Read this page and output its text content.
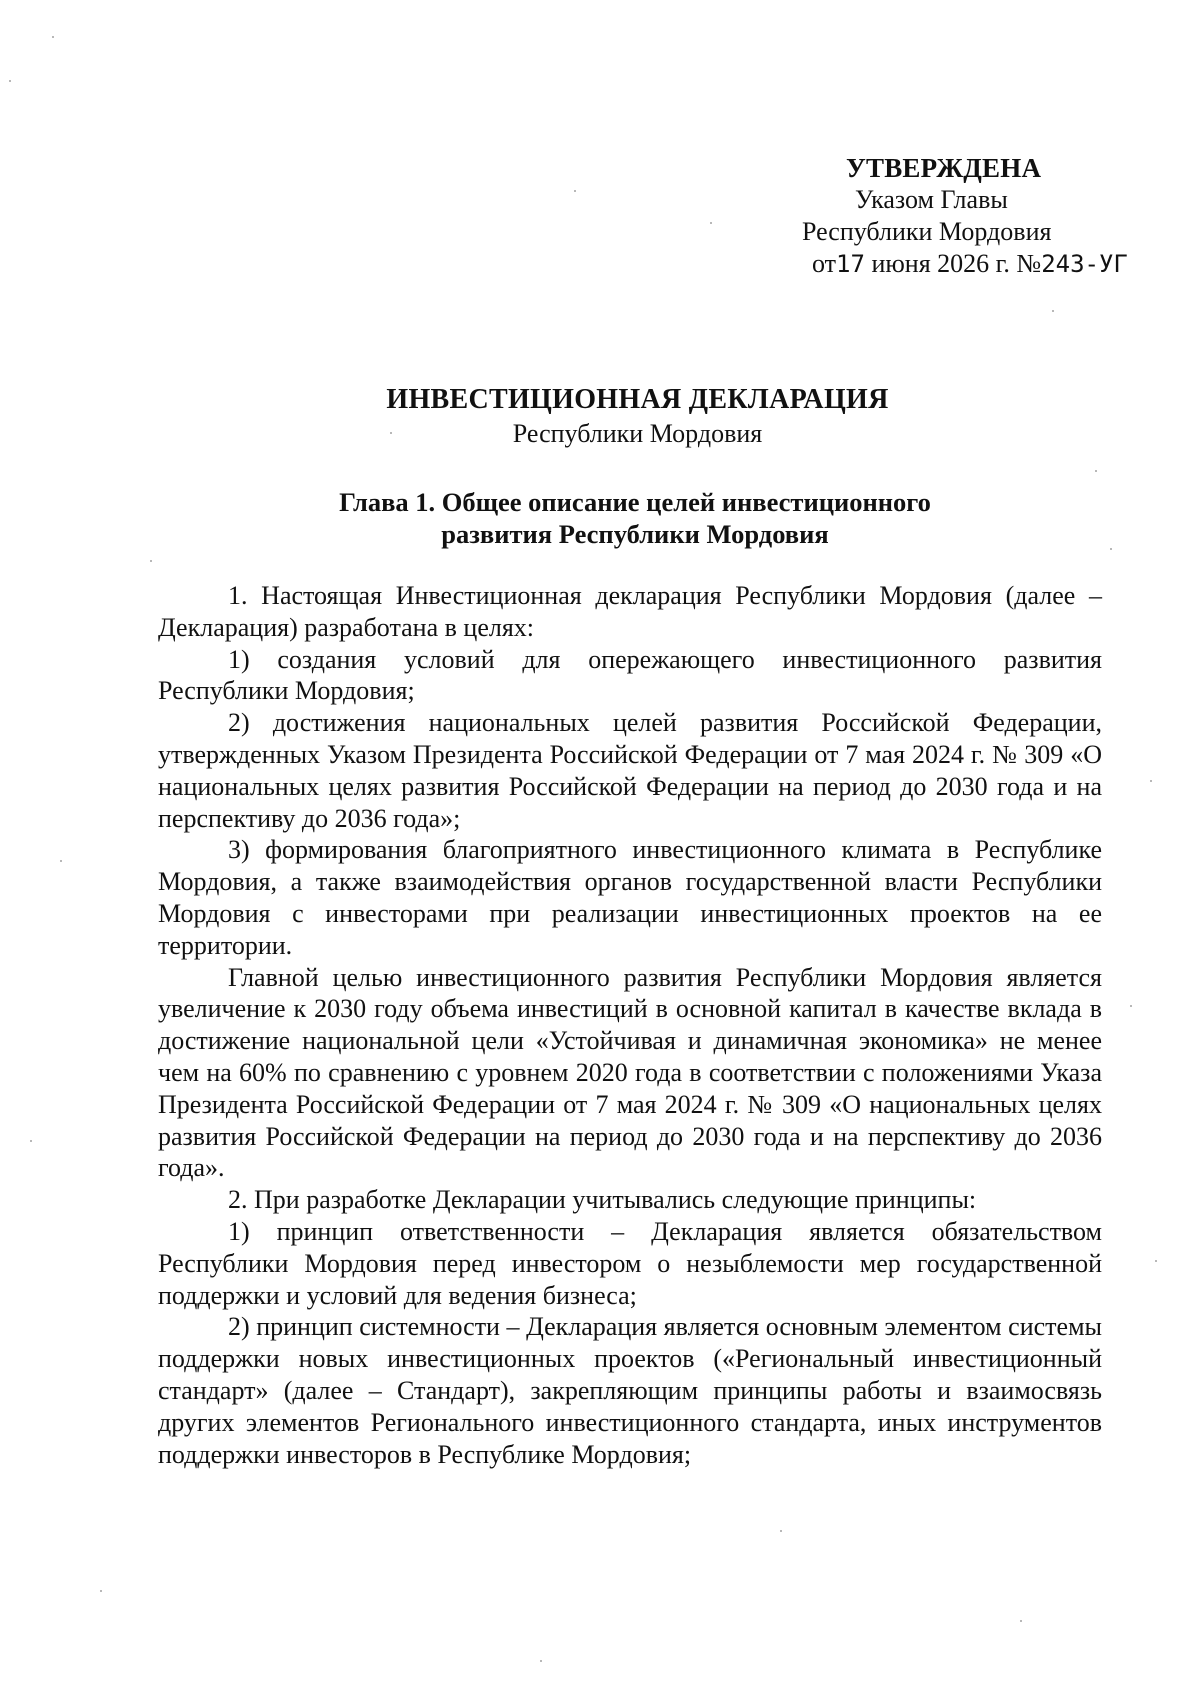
УТВЕРЖДЕНА
Указом Главы
Республики Мордовия
от17 июня 2026 г. №243-УГ
ИНВЕСТИЦИОННАЯ ДЕКЛАРАЦИЯ
Республики Мордовия
Глава 1. Общее описание целей инвестиционного
развития Республики Мордовия

1. Настоящая Инвестиционная декларация Республики Мордовия (далее – Декларация) разработана в целях:

1) создания условий для опережающего инвестиционного развития Республики Мордовия;

2) достижения национальных целей развития Российской Федерации, утвержденных Указом Президента Российской Федерации от 7 мая 2024 г. № 309 «О национальных целях развития Российской Федерации на период до 2030 года и на перспективу до 2036 года»;

3) формирования благоприятного инвестиционного климата в Республике Мордовия, а также взаимодействия органов государственной власти Республики Мордовия с инвесторами при реализации инвестиционных проектов на ее территории.

Главной целью инвестиционного развития Республики Мордовия является увеличение к 2030 году объема инвестиций в основной капитал в качестве вклада в достижение национальной цели «Устойчивая и динамичная экономика» не менее чем на 60% по сравнению с уровнем 2020 года в соответствии с положениями Указа Президента Российской Федерации от 7 мая 2024 г. № 309 «О национальных целях развития Российской Федерации на период до 2030 года и на перспективу до 2036 года».

2. При разработке Декларации учитывались следующие принципы:

1) принцип ответственности – Декларация является обязательством Республики Мордовия перед инвестором о незыблемости мер государственной поддержки и условий для ведения бизнеса;

2) принцип системности – Декларация является основным элементом системы поддержки новых инвестиционных проектов («Региональный инвестиционный стандарт» (далее – Стандарт), закрепляющим принципы работы и взаимосвязь других элементов Регионального инвестиционного стандарта, иных инструментов поддержки инвесторов в Республике Мордовия;
